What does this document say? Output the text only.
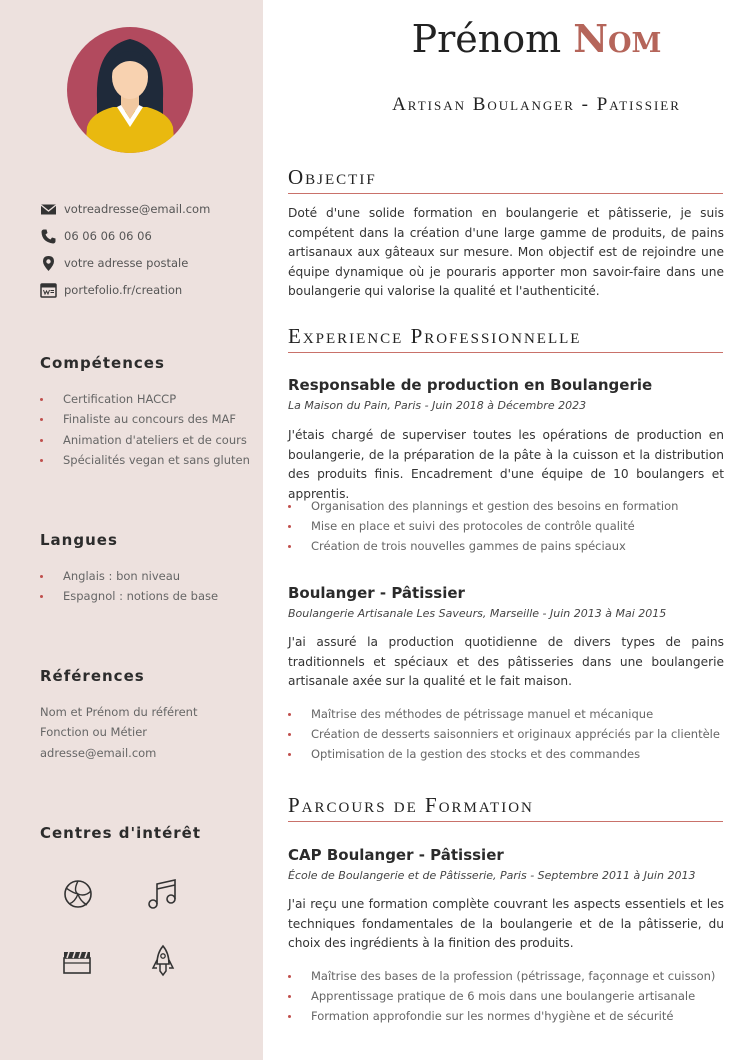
votreadresse@email.com
06 06 06 06 06
votre adresse postale
portefolio.fr/creation
Compétences
Certification HACCP
Finaliste au concours des MAF
Animation d'ateliers et de cours
Spécialités vegan et sans gluten
Langues
Anglais : bon niveau
Espagnol : notions de base
Références
Nom et Prénom du référent
Fonction ou Métier
adresse@email.com
Centres d'intérêt
Prénom Nom
Artisan Boulanger - Patissier
Objectif

Doté d'une solide formation en boulangerie et pâtisserie, je suis compétent dans la création d'une large gamme de produits, de pains artisanaux aux gâteaux sur mesure. Mon objectif est de rejoindre une équipe dynamique où je pouraris apporter mon savoir-faire dans une boulangerie qui valorise la qualité et l'authenticité.

Experience Professionnelle
Responsable de production en Boulangerie
La Maison du Pain, Paris - Juin 2018 à Décembre 2023

J'étais chargé de superviser toutes les opérations de production en boulangerie, de la préparation de la pâte à la cuisson et la distribution des produits finis. Encadrement d'une équipe de 10 boulangers et apprentis.

Organisation des plannings et gestion des besoins en formation
Mise en place et suivi des protocoles de contrôle qualité
Création de trois nouvelles gammes de pains spéciaux
Boulanger - Pâtissier
Boulangerie Artisanale Les Saveurs, Marseille - Juin 2013 à Mai 2015

J'ai assuré la production quotidienne de divers types de pains traditionnels et spéciaux et des pâtisseries dans une boulangerie artisanale axée sur la qualité et le fait maison.

Maîtrise des méthodes de pétrissage manuel et mécanique
Création de desserts saisonniers et originaux appréciés par la clientèle
Optimisation de la gestion des stocks et des commandes
Parcours de Formation
CAP Boulanger - Pâtissier
École de Boulangerie et de Pâtisserie, Paris - Septembre 2011 à Juin 2013

J'ai reçu une formation complète couvrant les aspects essentiels et les techniques fondamentales de la boulangerie et de la pâtisserie, du choix des ingrédients à la finition des produits.

Maîtrise des bases de la profession (pétrissage, façonnage et cuisson)
Apprentissage pratique de 6 mois dans une boulangerie artisanale
Formation approfondie sur les normes d'hygiène et de sécurité
